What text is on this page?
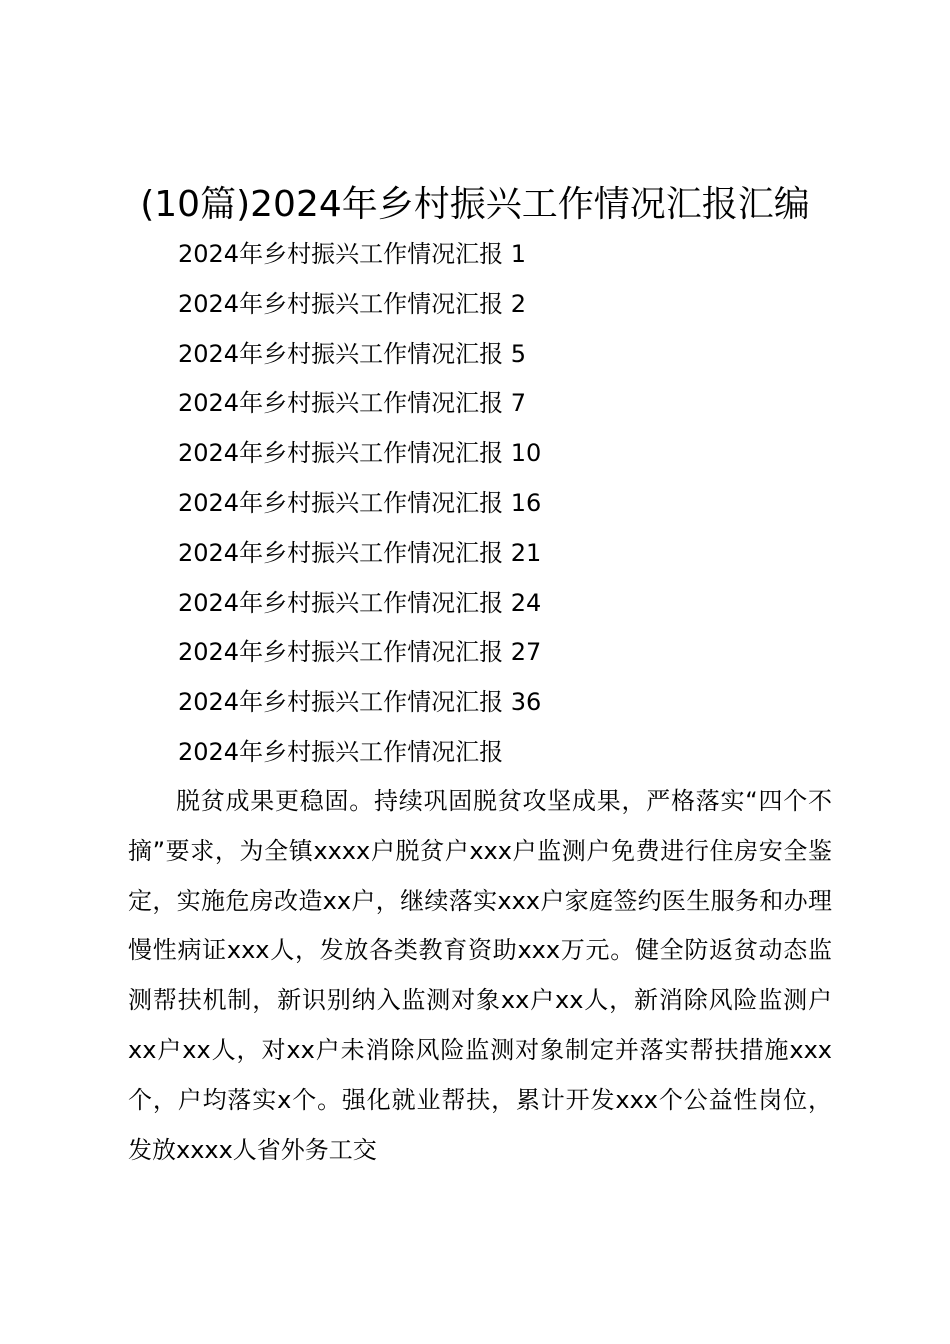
(10篇)2024年乡村振兴工作情况汇报汇编
2024年乡村振兴工作情况汇报 1
2024年乡村振兴工作情况汇报 2
2024年乡村振兴工作情况汇报 5
2024年乡村振兴工作情况汇报 7
2024年乡村振兴工作情况汇报 10
2024年乡村振兴工作情况汇报 16
2024年乡村振兴工作情况汇报 21
2024年乡村振兴工作情况汇报 24
2024年乡村振兴工作情况汇报 27
2024年乡村振兴工作情况汇报 36
2024年乡村振兴工作情况汇报

脱贫成果更稳固。持续巩固脱贫攻坚成果，严格落实“四个不摘”要求，为全镇xxxx户脱贫户xxx户监测户免费进行住房安全鉴定，实施危房改造xx户，继续落实xxx户家庭签约医生服务和办理慢性病证xxx人，发放各类教育资助xxx万元。健全防返贫动态监测帮扶机制，新识别纳入监测对象xx户xx人，新消除风险监测户xx户xx人，对xx户未消除风险监测对象制定并落实帮扶措施xxx个，户均落实x个。强化就业帮扶，累计开发xxx个公益性岗位，发放xxxx人省外务工交
